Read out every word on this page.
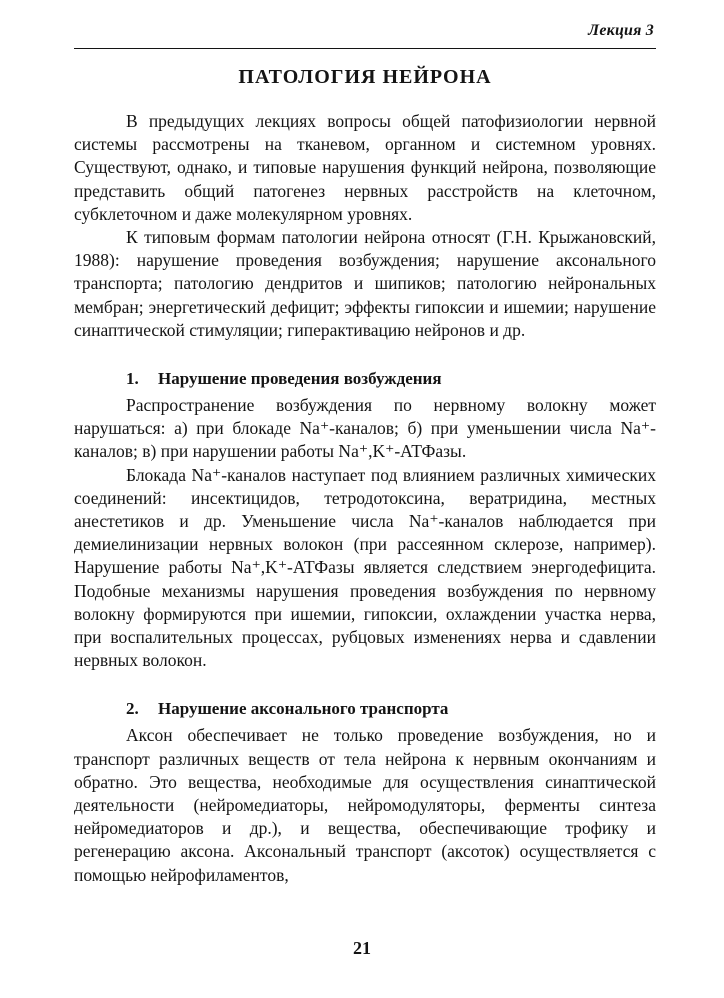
Лекция 3
ПАТОЛОГИЯ НЕЙРОНА

В предыдущих лекциях вопросы общей патофизиологии нервной системы рассмотрены на тканевом, органном и системном уровнях. Существуют, однако, и типовые нарушения функций нейрона, позволяющие представить общий патогенез нервных расстройств на клеточном, субклеточном и даже молекулярном уровнях.

К типовым формам патологии нейрона относят (Г.Н. Крыжановский, 1988): нарушение проведения возбуждения; нарушение аксонального транспорта; патологию дендритов и шипиков; патологию нейрональных мембран; энергетический дефицит; эффекты гипоксии и ишемии; нарушение синаптической стимуляции; гиперактивацию нейронов и др.

1. Нарушение проведения возбуждения

Распространение возбуждения по нервному волокну может нарушаться: а) при блокаде Na⁺-каналов; б) при уменьшении числа Na⁺-каналов; в) при нарушении работы Na⁺,K⁺-АТФазы.

Блокада Na⁺-каналов наступает под влиянием различных химических соединений: инсектицидов, тетродотоксина, вератридина, местных анестетиков и др. Уменьшение числа Na⁺-каналов наблюдается при демиелинизации нервных волокон (при рассеянном склерозе, например). Нарушение работы Na⁺,K⁺-АТФазы является следствием энергодефицита. Подобные механизмы нарушения проведения возбуждения по нервному волокну формируются при ишемии, гипоксии, охлаждении участка нерва, при воспалительных процессах, рубцовых изменениях нерва и сдавлении нервных волокон.

2. Нарушение аксонального транспорта

Аксон обеспечивает не только проведение возбуждения, но и транспорт различных веществ от тела нейрона к нервным окончаниям и обратно. Это вещества, необходимые для осуществления синаптической деятельности (нейромедиаторы, нейромодуляторы, ферменты синтеза нейромедиаторов и др.), и вещества, обеспечивающие трофику и регенерацию аксона. Аксональный транспорт (аксоток) осуществляется с помощью нейрофиламентов,

21
